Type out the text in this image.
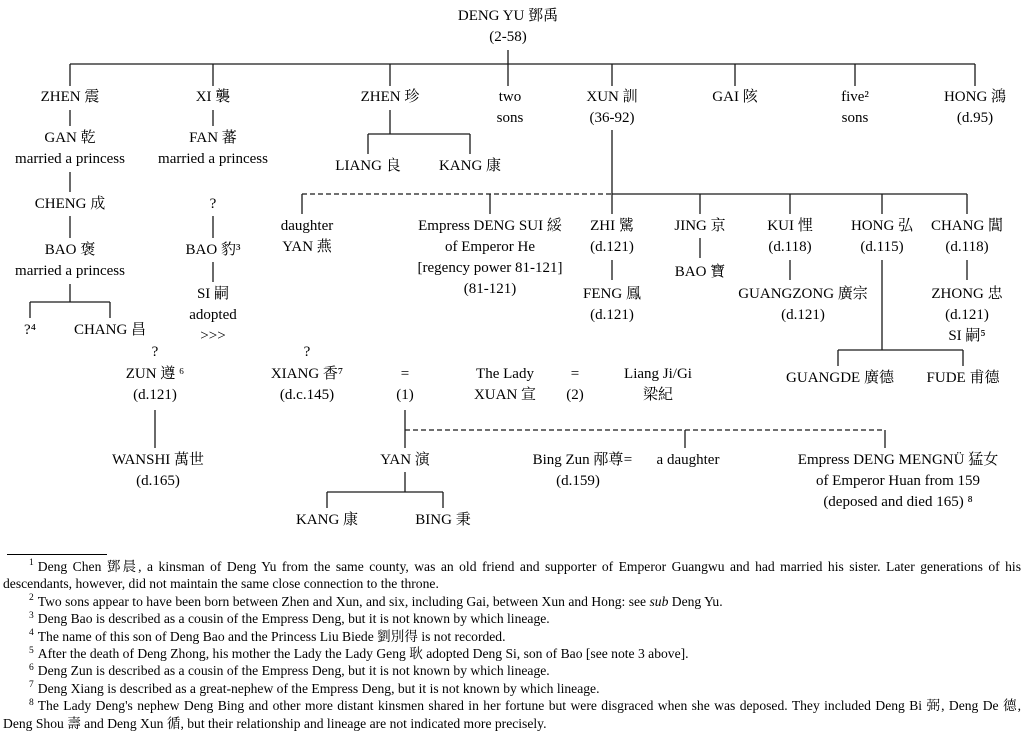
DENG YU 鄧禹
(2-58)
ZHEN 震	XI 襲	ZHEN 珍	two
sons
XUN 訓
(36-92)
GAI 陔	five²
sons
HONG 鴻
(d.95)
GAN 乾
married a princess
FAN 蕃
married a princess	LIANG 良	KANG 康
CHENG 成	?
BAO 褒
married a princess
BAO 豹³
SI 嗣
adopted
>>>
?⁴	CHANG 昌
daughter
YAN 燕
Empress DENG SUI 綏
of Emperor He
[regency power 81-121]
(81-121)
ZHI 騭
(d.121)
JING 京	KUI 悝
(d.118)
HONG 弘
(d.115)
CHANG 閶
(d.118)
BAO 寶
FENG 鳳
(d.121)
GUANGZONG 廣宗
(d.121)
ZHONG 忠
(d.121)
SI 嗣⁵
?
ZUN 遵 ⁶
(d.121)
?
XIANG 香⁷
(d.c.145)
=
(1)
The Lady
XUAN 宣
=
(2)
Liang Ji/Gi
梁紀
GUANGDE 廣德 FUDE 甫德
WANSHI 萬世
(d.165)
YAN 演	Bing Zun 邴尊
(d.159)
= a daughter	Empress DENG MENGNÜ 猛女
of Emperor Huan from 159
(deposed and died 165) ⁸
KANG 康	BING 秉

$^1$ Deng Chen 鄧晨, a kinsman of Deng Yu from the same county, was an old friend and supporter of Emperor Guangwu and had married his sister. Later generations of his descendants, however, did not maintain the same close connection to the throne.

$^2$ Two sons appear to have been born between Zhen and Xun, and six, including Gai, between Xun and Hong: see sub Deng Yu.

$^3$ Deng Bao is described as a cousin of the Empress Deng, but it is not known by which lineage.

$^4$ The name of this son of Deng Bao and the Princess Liu Biede 劉別得 is not recorded.

$^5$ After the death of Deng Zhong, his mother the Lady the Lady Geng 耿 adopted Deng Si, son of Bao [see note 3 above].

$^6$ Deng Zun is described as a cousin of the Empress Deng, but it is not known by which lineage.

$^7$ Deng Xiang is described as a great-nephew of the Empress Deng, but it is not known by which lineage.

$^8$ The Lady Deng's nephew Deng Bing and other more distant kinsmen shared in her fortune but were disgraced when she was deposed. They included Deng Bi 弼, Deng De 德, Deng Shou 壽 and Deng Xun 循, but their relationship and lineage are not indicated more precisely.
